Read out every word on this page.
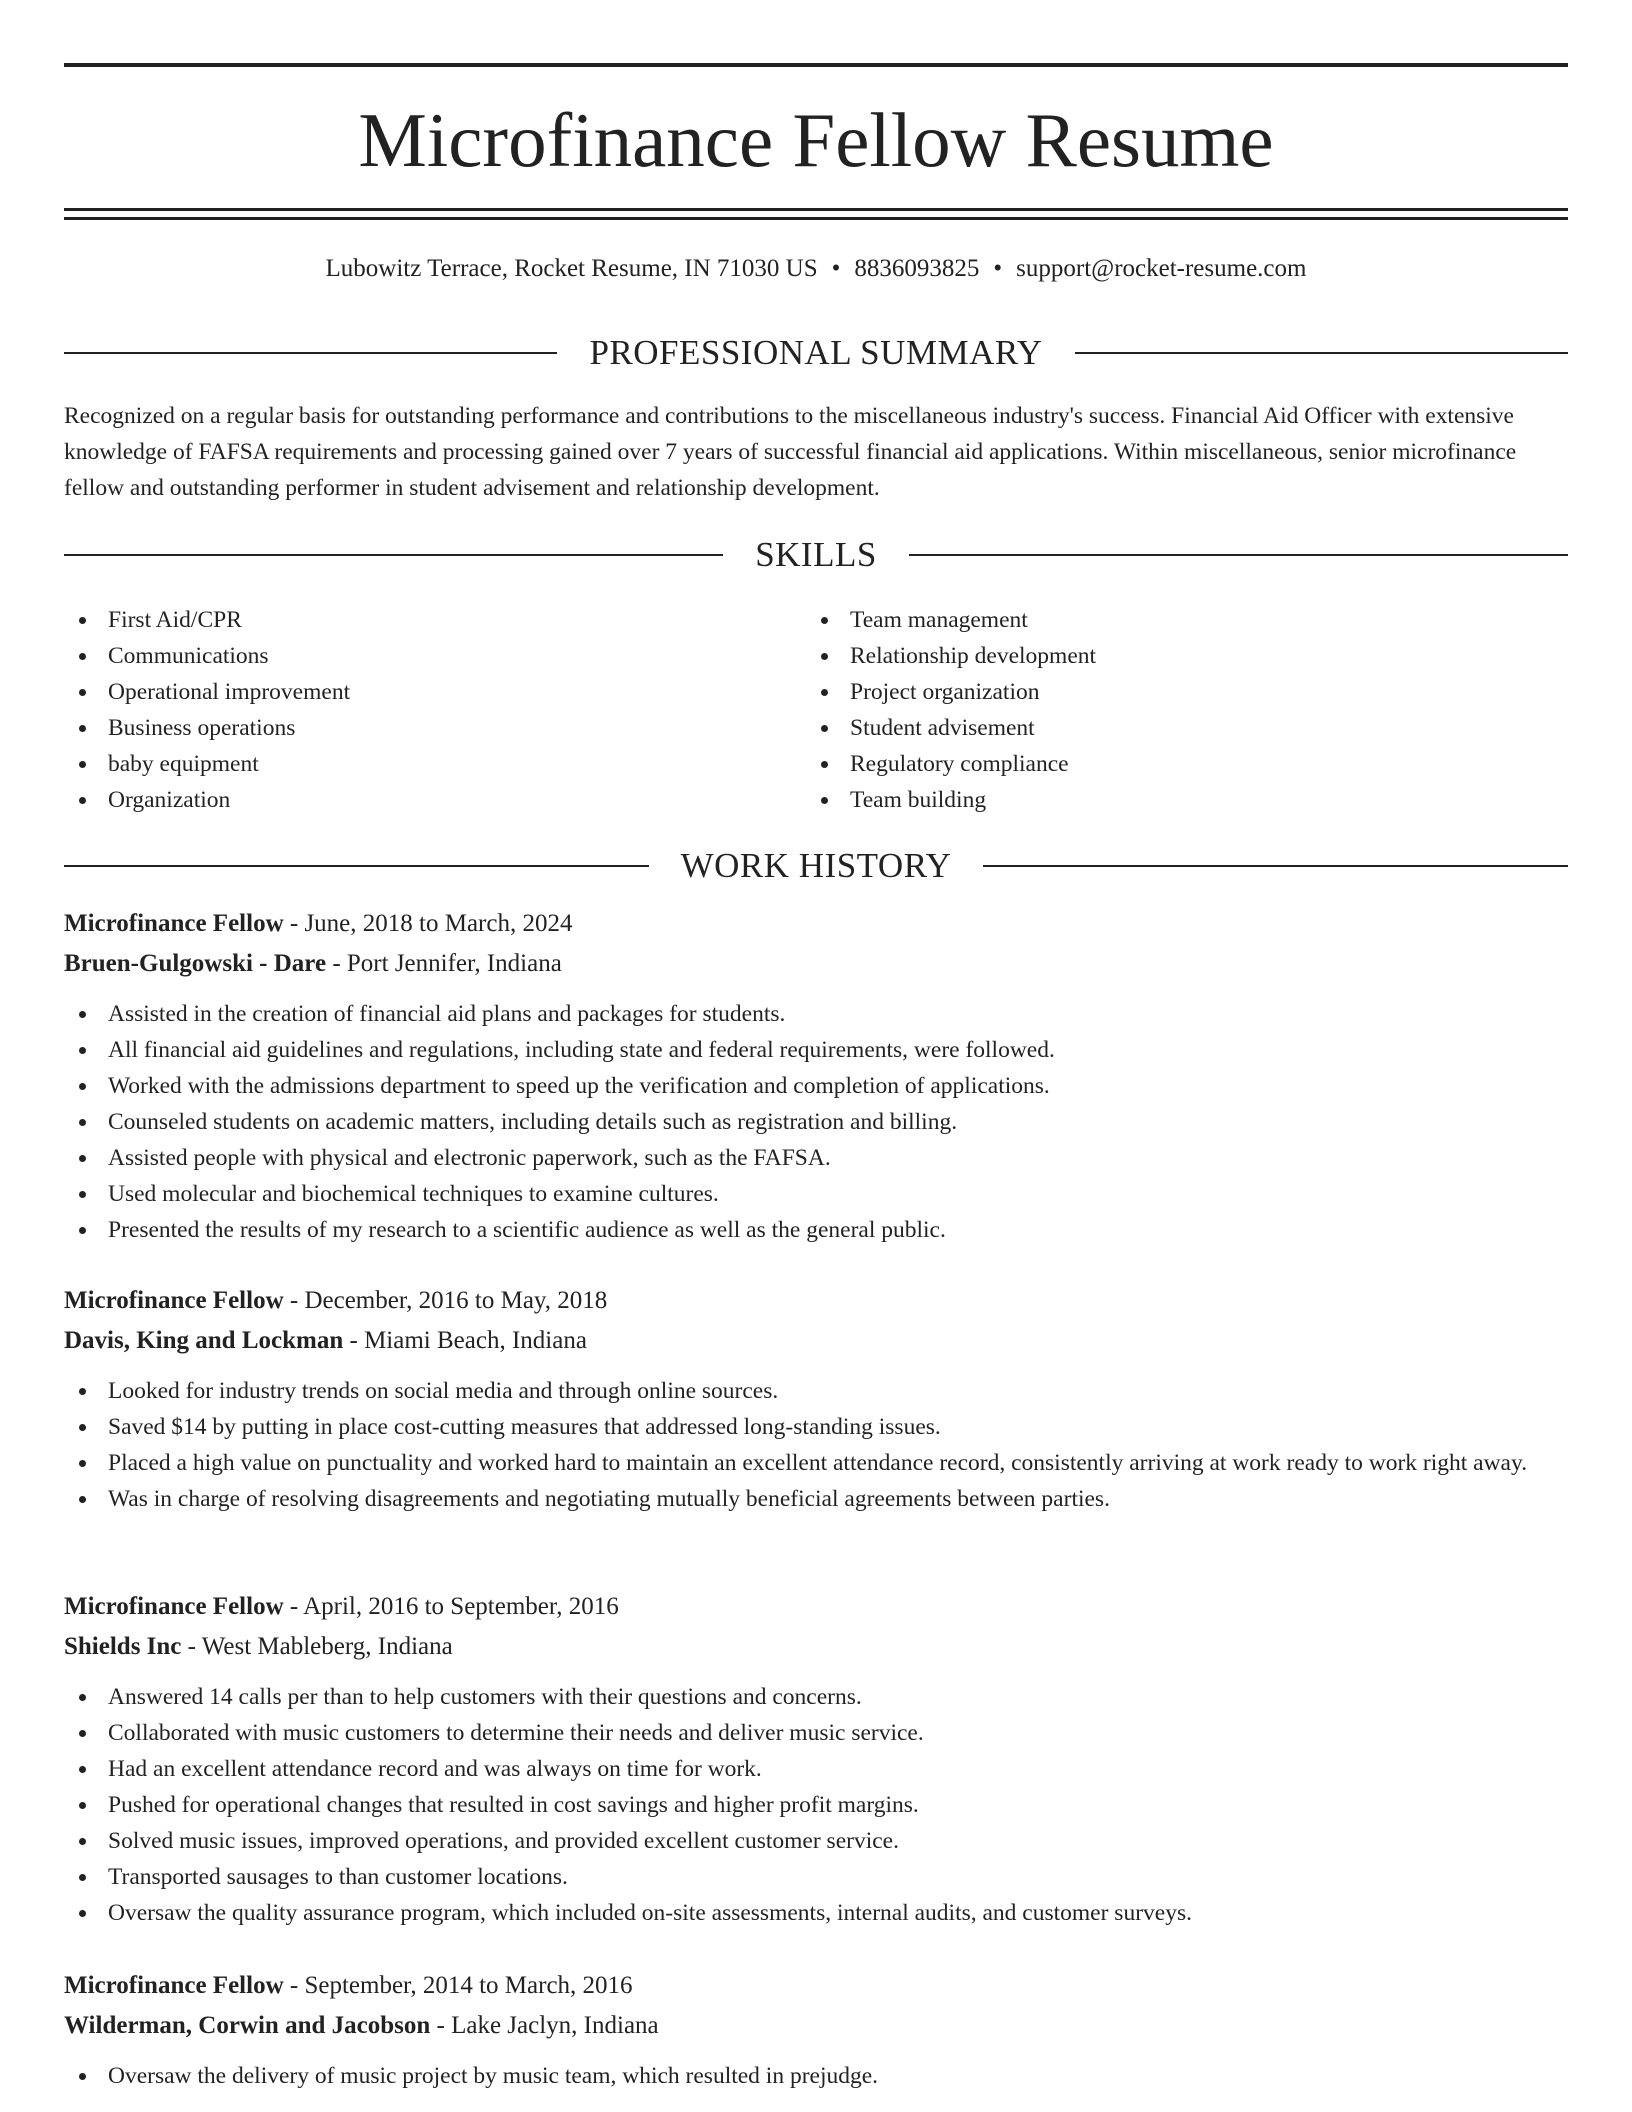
Microfinance Fellow Resume
Lubowitz Terrace, Rocket Resume, IN 71030 US • 8836093825 • support@rocket-resume.com
PROFESSIONAL SUMMARY

Recognized on a regular basis for outstanding performance and contributions to the miscellaneous industry's success. Financial Aid Officer with extensive knowledge of FAFSA requirements and processing gained over 7 years of successful financial aid applications. Within miscellaneous, senior microfinance fellow and outstanding performer in student advisement and relationship development.

SKILLS
First Aid/CPR
Communications
Operational improvement
Business operations
baby equipment
Organization
Team management
Relationship development
Project organization
Student advisement
Regulatory compliance
Team building
WORK HISTORY
Microfinance Fellow - June, 2018 to March, 2024
Bruen-Gulgowski - Dare - Port Jennifer, Indiana
Assisted in the creation of financial aid plans and packages for students.
All financial aid guidelines and regulations, including state and federal requirements, were followed.
Worked with the admissions department to speed up the verification and completion of applications.
Counseled students on academic matters, including details such as registration and billing.
Assisted people with physical and electronic paperwork, such as the FAFSA.
Used molecular and biochemical techniques to examine cultures.
Presented the results of my research to a scientific audience as well as the general public.
Microfinance Fellow - December, 2016 to May, 2018
Davis, King and Lockman - Miami Beach, Indiana
Looked for industry trends on social media and through online sources.
Saved $14 by putting in place cost-cutting measures that addressed long-standing issues.
Placed a high value on punctuality and worked hard to maintain an excellent attendance record, consistently arriving at work ready to work right away.
Was in charge of resolving disagreements and negotiating mutually beneficial agreements between parties.
Microfinance Fellow - April, 2016 to September, 2016
Shields Inc - West Mableberg, Indiana
Answered 14 calls per than to help customers with their questions and concerns.
Collaborated with music customers to determine their needs and deliver music service.
Had an excellent attendance record and was always on time for work.
Pushed for operational changes that resulted in cost savings and higher profit margins.
Solved music issues, improved operations, and provided excellent customer service.
Transported sausages to than customer locations.
Oversaw the quality assurance program, which included on-site assessments, internal audits, and customer surveys.
Microfinance Fellow - September, 2014 to March, 2016
Wilderman, Corwin and Jacobson - Lake Jaclyn, Indiana
Oversaw the delivery of music project by music team, which resulted in prejudge.
